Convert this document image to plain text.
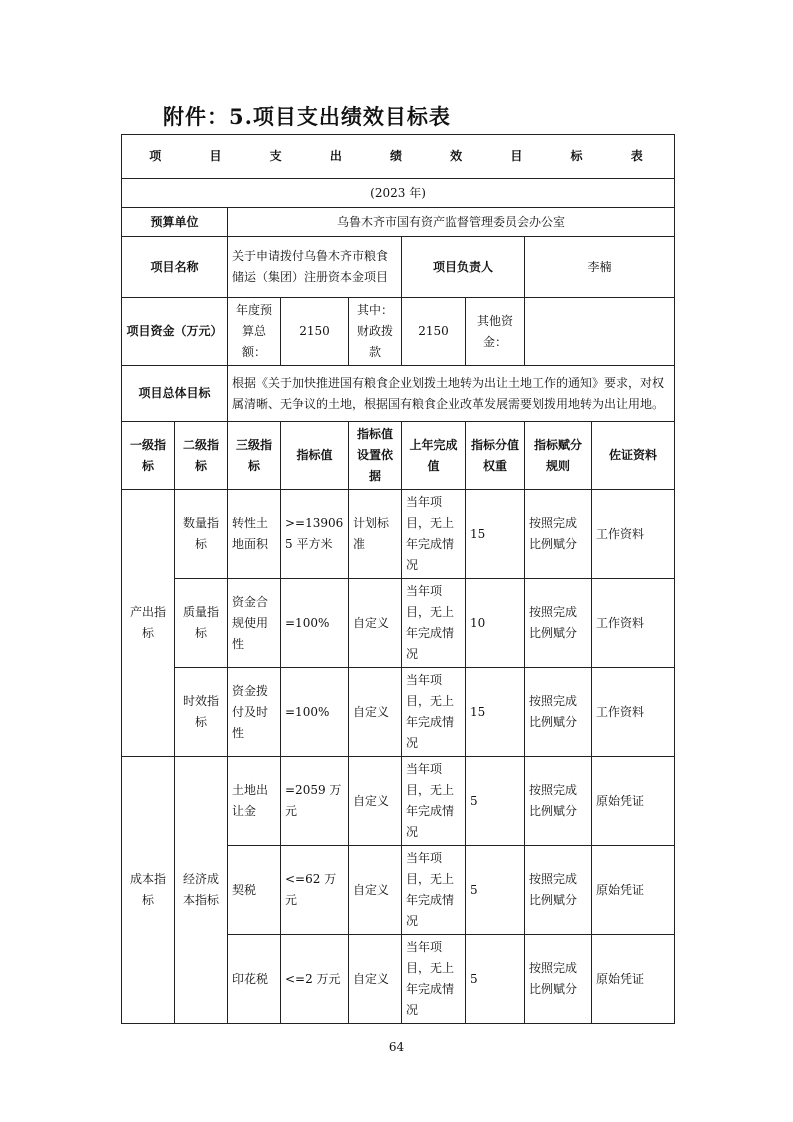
附件：5.项目支出绩效目标表
项 目 支 出 绩 效 目 标 表								
(2023 年)								
预算单位		乌鲁木齐市国有资产监督管理委员会办公室						
项目名称		关于申请拨付乌鲁木齐市粮食储运（集团）注册资本金项目			项目负责人		李楠	
项目资金（万元）		年度预算总额：	2150	其中：财政拨款	2150	其他资金：		
项目总体目标		根据《关于加快推进国有粮食企业划拨土地转为出让土地工作的通知》要求，对权属清晰、无争议的土地，根据国有粮食企业改革发展需要划拨用地转为出让用地。						
一级指标	二级指标	三级指标	指标值	指标值设置依据	上年完成值	指标分值权重	指标赋分规则	佐证资料
产出指标	数量指标	转性土地面积	>=139065 平方米	计划标准	当年项目，无上年完成情况	15	按照完成比例赋分	工作资料
	质量指标	资金合规使用性	=100%	自定义	当年项目，无上年完成情况	10	按照完成比例赋分	工作资料
	时效指标	资金拨付及时性	=100%	自定义	当年项目，无上年完成情况	15	按照完成比例赋分	工作资料
成本指标	经济成本指标	土地出让金	=2059 万元	自定义	当年项目，无上年完成情况	5	按照完成比例赋分	原始凭证
		契税	<=62 万元	自定义	当年项目，无上年完成情况	5	按照完成比例赋分	原始凭证
		印花税	<=2 万元	自定义	当年项目，无上年完成情况	5	按照完成比例赋分	原始凭证
64
